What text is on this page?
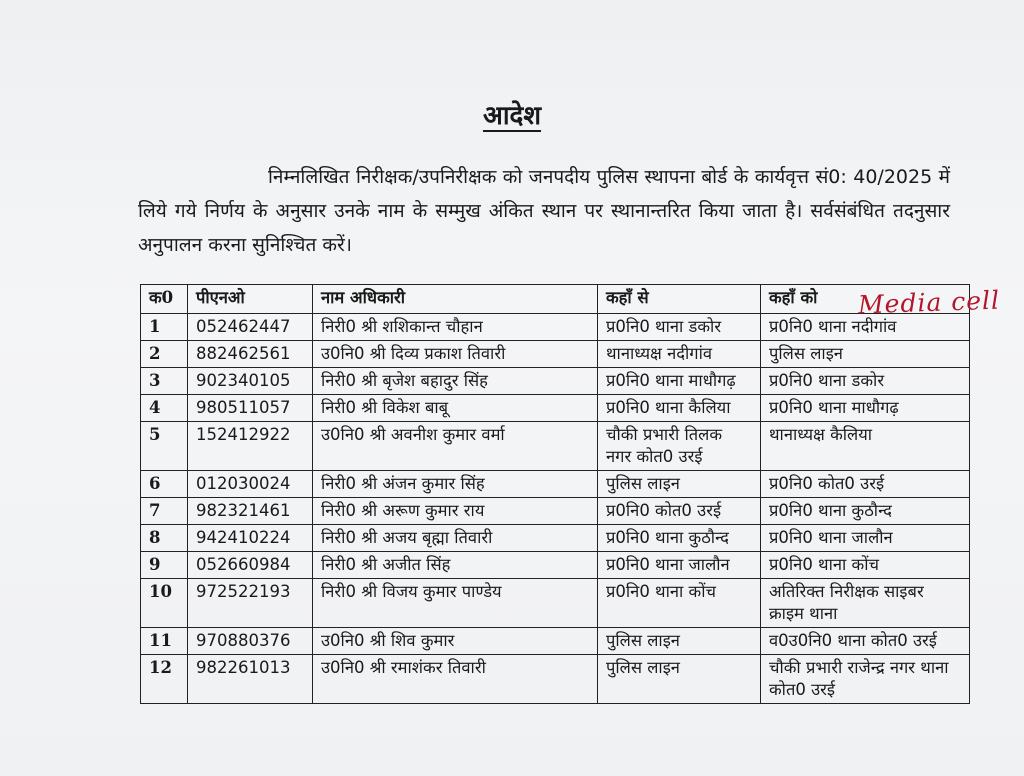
आदेश
निम्नलिखित निरीक्षक/उपनिरीक्षक को जनपदीय पुलिस स्थापना बोर्ड के कार्यवृत्त सं0: 40/2025 में लिये गये निर्णय के अनुसार उनके नाम के सम्मुख अंकित स्थान पर स्थानान्तरित किया जाता है। सर्वसंबंधित तदनुसार अनुपालन करना सुनिश्चित करें।
क0	पीएनओ	नाम अधिकारी	कहाँ से	कहाँ को
1	052462447	निरी0 श्री शशिकान्त चौहान	प्र0नि0 थाना डकोर	प्र0नि0 थाना नदीगांव
2	882462561	उ0नि0 श्री दिव्य प्रकाश तिवारी	थानाध्यक्ष नदीगांव	पुलिस लाइन
3	902340105	निरी0 श्री बृजेश बहादुर सिंह	प्र0नि0 थाना माधौगढ़	प्र0नि0 थाना डकोर
4	980511057	निरी0 श्री विकेश बाबू	प्र0नि0 थाना कैलिया	प्र0नि0 थाना माधौगढ़
5	152412922	उ0नि0 श्री अवनीश कुमार वर्मा	चौकी प्रभारी तिलक नगर कोत0 उरई	थानाध्यक्ष कैलिया
6	012030024	निरी0 श्री अंजन कुमार सिंह	पुलिस लाइन	प्र0नि0 कोत0 उरई
7	982321461	निरी0 श्री अरूण कुमार राय	प्र0नि0 कोत0 उरई	प्र0नि0 थाना कुठौन्द
8	942410224	निरी0 श्री अजय बृह्मा तिवारी	प्र0नि0 थाना कुठौन्द	प्र0नि0 थाना जालौन
9	052660984	निरी0 श्री अजीत सिंह	प्र0नि0 थाना जालौन	प्र0नि0 थाना कोंच
10	972522193	निरी0 श्री विजय कुमार पाण्डेय	प्र0नि0 थाना कोंच	अतिरिक्त निरीक्षक साइबर क्राइम थाना
11	970880376	उ0नि0 श्री शिव कुमार	पुलिस लाइन	व0उ0नि0 थाना कोत0 उरई
12	982261013	उ0नि0 श्री रमाशंकर तिवारी	पुलिस लाइन	चौकी प्रभारी राजेन्द्र नगर थाना कोत0 उरई
Media cell
